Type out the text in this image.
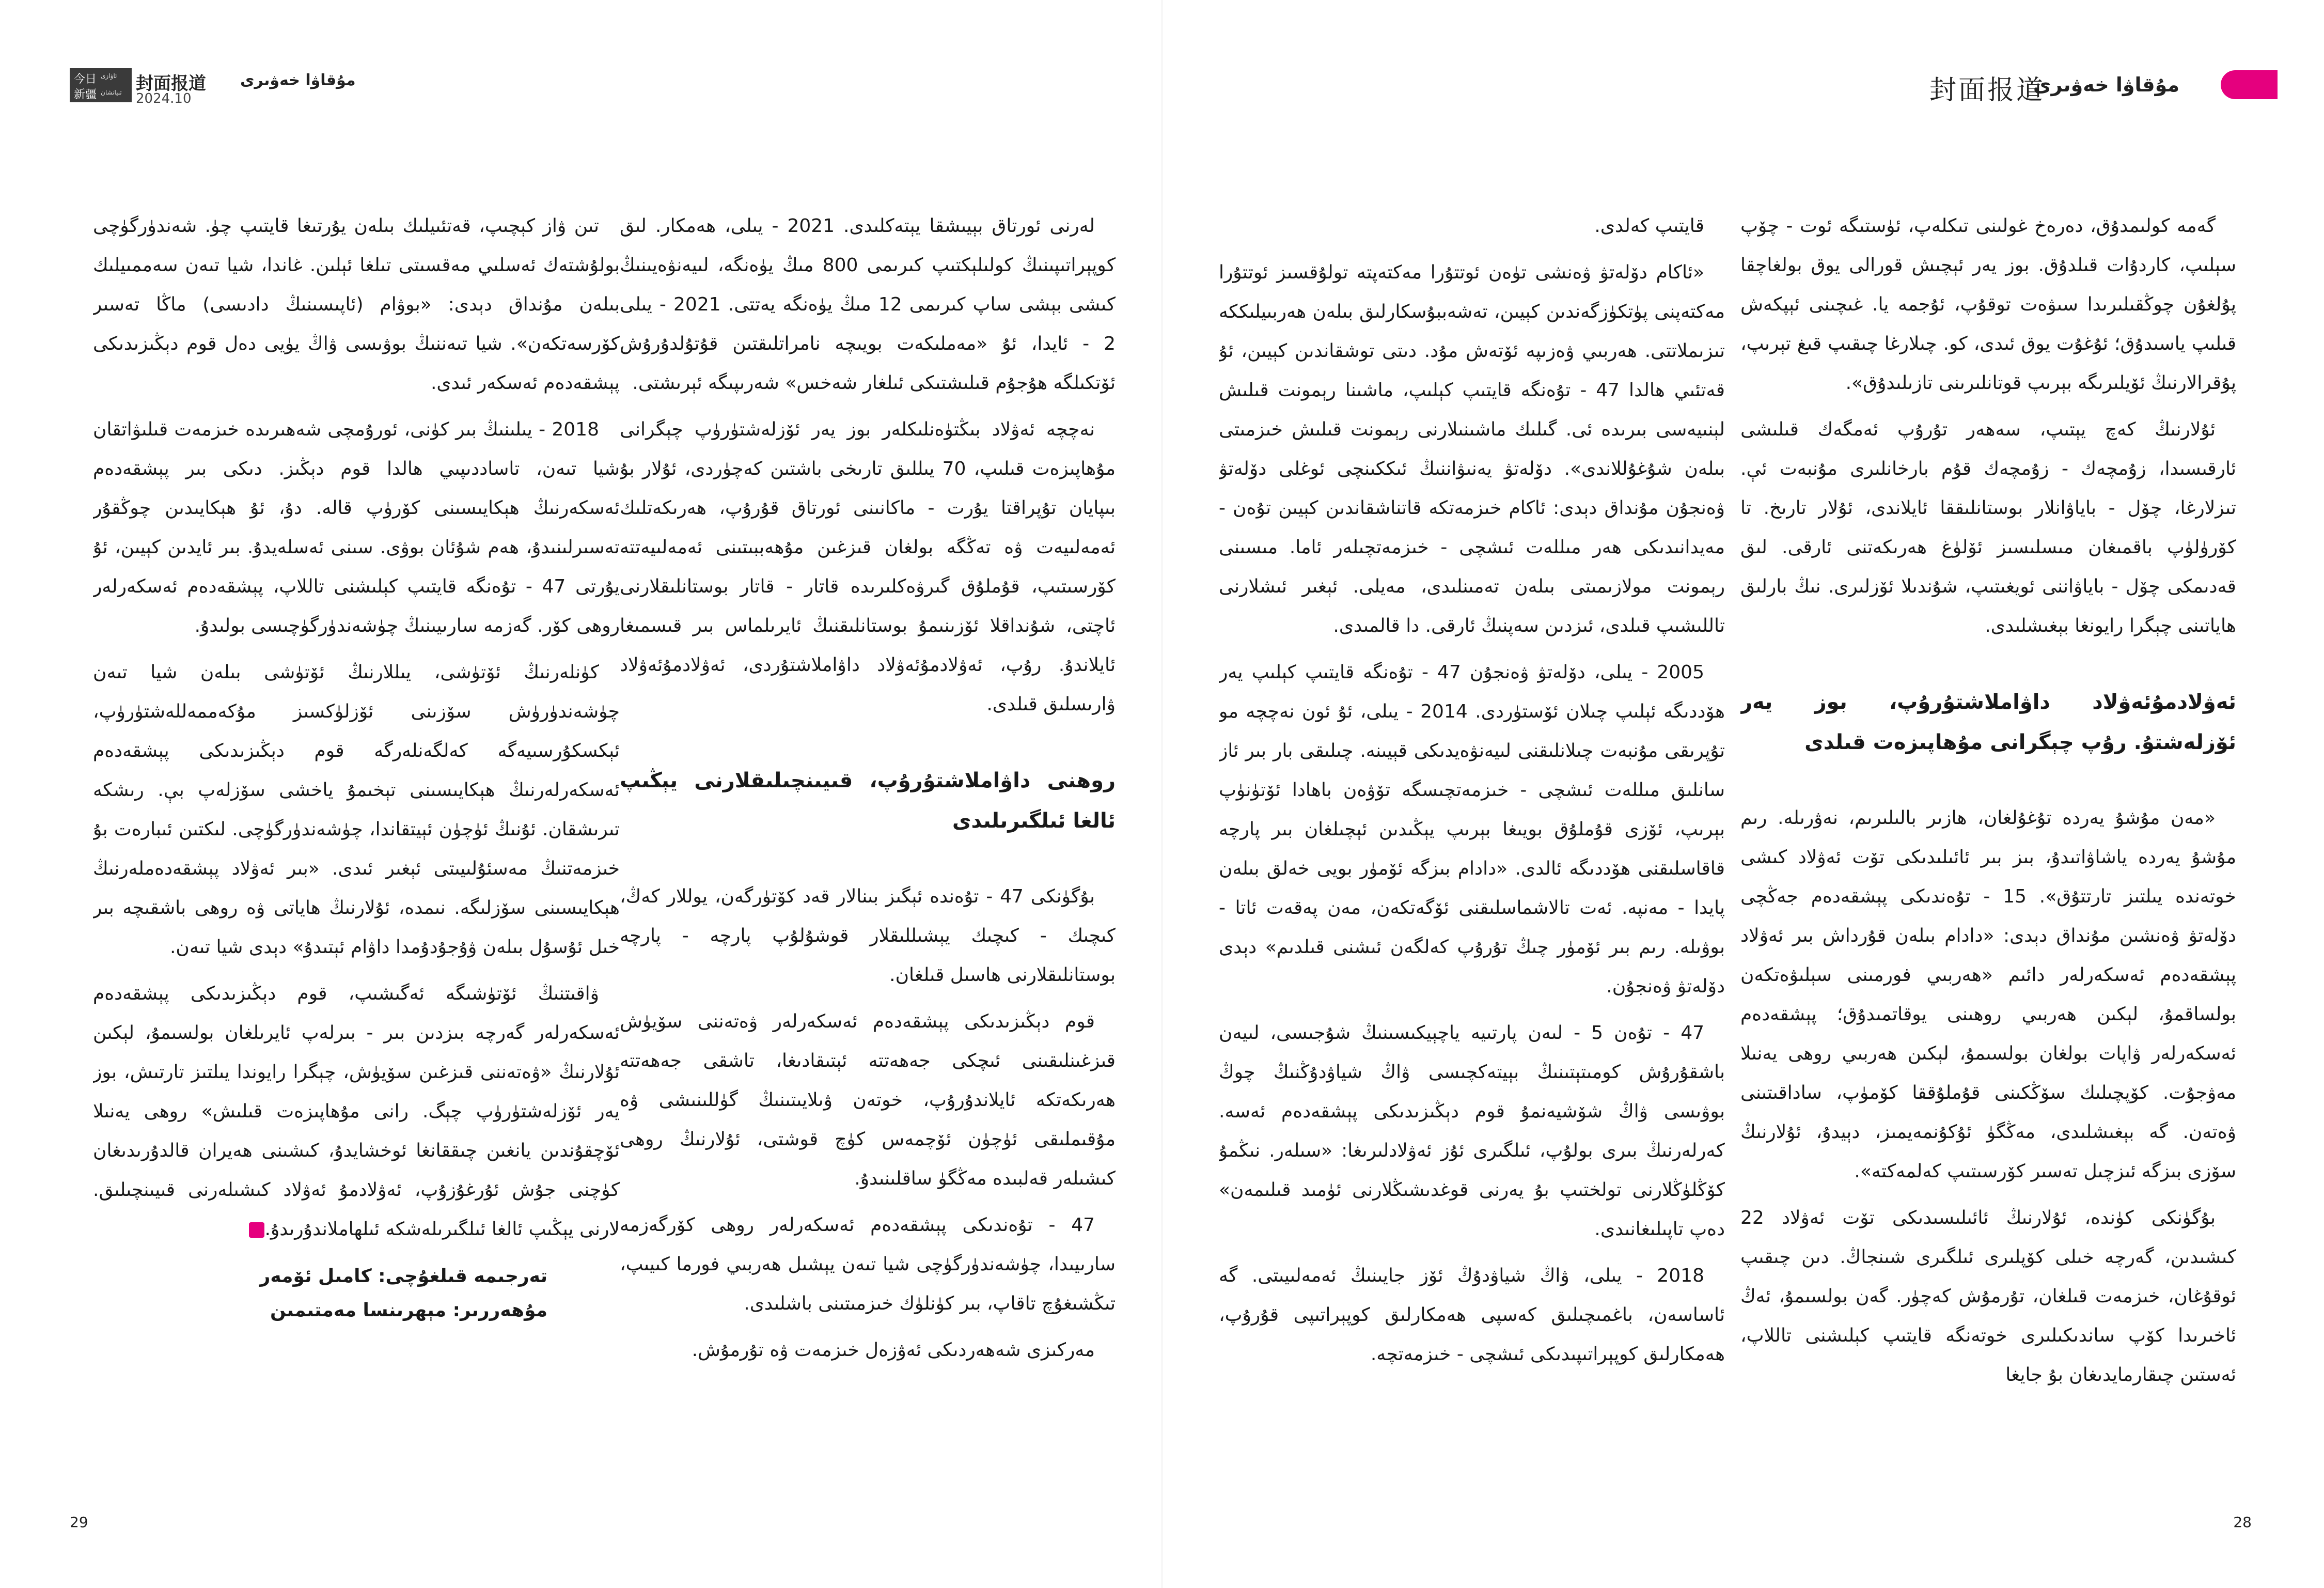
今日
新疆
ئاۋازى
تىيانشان 封面报道 مۇقاۋا خەۋىرى
2024.10	封面报道
مۇقاۋا خەۋىرى

گەمە كولىمدۇق، دەرەخ غولىنى تىكلەپ، ئۈستىگە ئوت - چۆپ سېلىپ، كاردۇات قىلدۇق. بوز يەر ئېچىش قورالى يوق بولغاچقا پۇلغۇن چوڭقىلىرىدا سىۋەت توقۇپ، ئۇجمە يا. غىچىنى ئېپكەش قىلىپ ياسىدۇق؛ ئۇغۇت يوق ئىدى، كو. چىلارغا چىقىپ قىغ تېرىپ، پۇقرالارنىڭ ئۆيلىرىگە بېرىپ قوتانلىرىنى تازىلىدۇق».

ئۇلارنىڭ كەچ يېتىپ، سەھەر تۇرۇپ ئەمگەك قىلىشى ئارقىسىدا، زۇمچەك - زۇمچەك قۇم بارخانلىرى مۇنبەت ئې. تىزلارغا، چۆل - باياۋانلار بوستانلىققا ئايلاندى، ئۇلار تارىخ. تا كۆرۈلۈپ باقمىغان مىسلىسىز ئۆلۈغ ھەرىكەتنى ئارقى. لىق قەدىمكى چۆل - باياۋاننى ئويغىتىپ، شۇندىلا ئۆزلىرى. نىڭ بارلىق ھاياتىنى چېگرا رايونغا بېغىشلىدى.

ئەۋلادمۇئەۋلاد داۋاملاشتۇرۇپ، بوز يەر ئۆزلەشتۇ. رۇپ چېگرانى مۇھاپىزەت قىلدى

«مەن مۇشۇ يەردە تۇغۇلغان، ھازىر بالىلىرىم، نەۋرىلە. رىم مۇشۇ يەردە ياشاۋاتىدۇ، بىز بىر ئائىلىدىكى تۆت ئەۋلاد كىشى خوتەندە يىلتىز تارتتۇق». 15 - تۇەندىكى پېشقەدەم جەڭچى دۆلەتۋ ۋەنشىن مۇنداق دېدى: «دادام بىلەن قۇرداش بىر ئەۋلاد پېشقەدەم ئەسكەرلەر دائىم «ھەربىي فورمىنى سېلىۋەتكەن بولساقمۇ، لېكىن ھەربىي روھىنى يوقاتمىدۇق؛ پېشقەدەم ئەسكەرلەر ۋاپات بولغان بولسىمۇ، لېكىن ھەربىي روھى يەنىلا مەۋجۇت. كۆپچىلىك سۆڭكىنى قۇملۇققا كۆمۈپ، ساداقىتىنى ۋەتەن. گە بېغىشلىدى، مەڭگۈ ئۇكۇنمەيمىز، دېيدۇ، ئۇلارنىڭ سۆزى بىزگە ئىزچىل تەسىر كۆرسىتىپ كەلمەكتە».

بۇگۈنكى كۈندە، ئۇلارنىڭ ئائىلىسىدىكى تۆت ئەۋلاد 22 كىشىدىن، گەرچە خىلى كۆپلىرى ئىلگىرى شىنجاڭ. دىن چىقىپ ئوقۇغان، خىزمەت قىلغان، تۇرمۇش كەچۈر. گەن بولسىمۇ، ئەڭ ئاخىرىدا كۆپ ساندىكىلىرى خوتەنگە قايتىپ كېلىشنى تاللاپ، ئەستىن چىقارمايدىغان بۇ جايغا

قايتىپ كەلدى.

«ئاكام دۆلەتۋ ۋەنشى تۈەن ئوتتۇرا مەكتەپتە تولۇقسىز ئوتتۇرا مەكتەپنى پۈتكۈزگەندىن كېيىن، تەشەببۇسكارلىق بىلەن ھەربىيلىككە تىزىملاتتى. ھەربىي ۋەزىپە ئۆتەش مۇد. دىتى توشقاندىن كېيىن، ئۇ قەتئىي ھالدا 47 - تۇەنگە قايتىپ كېلىپ، ماشىنا رېمونت قىلىش لېنىيەسى بىرىدە ئى. گىلىك ماشىنىلارنى رېمونت قىلىش خىزمىتى بىلەن شۇغۇللاندى». دۆلەتۋ يەنىۋاننىڭ ئىككىنچى ئوغلى دۆلەتۋ ۋەنجۇن مۇنداق دېدى: ئاكام خىزمەتكە قاتناشقاندىن كېيىن تۇەن - مەيدانىدىكى ھەر مىللەت ئىشچى - خىزمەتچىلەر ئاما. مىسىنى رېمونت مولازىمىتى بىلەن تەمىنلىدى، مەيلى. ئېغىر ئىشلارنى تاللىشىپ قىلدى، ئىزدىن سەپنىڭ ئارقى. دا قالمىدى.

2005 - يىلى، دۆلەتۋ ۋەنجۇن 47 - تۇەنگە قايتىپ كېلىپ يەر ھۆددىگە ئېلىپ چىلان ئۆستۈردى. 2014 - يىلى، ئۇ ئون نەچچە مو تۇپرىقى مۇنبەت چىلانلىقنى لىيەنۋەيدىكى قېيىنە. چىلىقى بار بىر ئاز سانلىق مىللەت ئىشچى - خىزمەتچىسگە تۆۋەن باھادا ئۆتۈنۈپ بېرىپ، ئۆزى قۇملۇق بويىغا بېرىپ يېڭىدىن ئېچىلغان بىر پارچە قاقاسلىقنى ھۆددىگە ئالدى. «دادام بىزگە ئۆمۈر بويى خەلق بىلەن پايدا - مەنپە. ئەت تالاشماسلىقنى ئۆگەتكەن، مەن پەقەت ئاتا - بوۋىلە. رىم بىر ئۆمۈر چىڭ تۇرۇپ كەلگەن ئىشنى قىلدىم» دېدى دۆلەتۋ ۋەنجۇن.

47 - تۇەن 5 - لىەن پارتىيە ياچېيكىسىنىڭ شۇجىسى، لىيەن باشقۇرۇش كومىتېتىنىڭ بېيتەكچىسى ۋاڭ شياۋدۇڭنىڭ چوڭ بوۋىسى ۋاڭ شۆشيەنمۇ قوم دېڭىزىدىكى پېشقەدەم ئەسە. كەرلەرنىڭ بىرى بولۇپ، ئىلگىرى ئۇز ئەۋلادلىرىغا: «سىلەر. نىڭمۇ كۆڭلۈڭلارنى تولختىپ بۇ يەرنى قوغدىشىڭلارنى ئۈمىد قىلىمەن» دەپ تاپىلىغانىدى.

2018 - يىلى، ۋاڭ شياۋدۇڭ ئۆز جايىنىڭ ئەمەلىيىتى. گە ئاساسەن، باغمىچىلىق كەسپى ھەمكارلىق كوپېراتىپى قۇرۇپ، ھەمكارلىق كوپېراتىپىدىكى ئىشچى - خىزمەتچە.

لەرنى ئورتاق بېيىشقا يېتەكلىدى. 2021 - يىلى، ھەمكار. لىق كوپېراتىپىنىڭ كولىلېكتىپ كىرىمى 800 مىڭ يۈەنگە، لىيەنۋەيىنىڭ كىشى بېشى ساپ كىرىمى 12 مىڭ يۈەنگە يەتتى. 2021 - يىلى 2 - ئايدا، ئۇ «مەملىكەت بويىچە نامراتلىقتىن قۇتۇلدۇرۇش ئۆتكىلگە ھۇجۇم قىلىشتىكى ئىلغار شەخس» شەرىپىگە ئېرىشتى.

نەچچە ئەۋلاد بىڭتۈەنلىكلەر بوز يەر ئۆزلەشتۈرۈپ چېگرانى مۇھاپىزەت قىلىپ، 70 يىللىق تارىخى باشتىن كەچۈردى، ئۇلار بۇ بىپايان تۇپراقتا يۇرت - ماكانىنى ئورتاق قۇرۇپ، ھەرىكەتلىك ئەمەلىيەت ۋە تەڭگە بولغان قىزغىن مۇھەببىتىنى ئەمەلىيەتتە كۆرسىتىپ، قۇملۇق گىرۋەكلىرىدە قاتار - قاتار بوستانلىقلارنى ئاچتى، شۇنداقلا ئۆزىنىمۇ بوستانلىقنىڭ ئايرىلماس بىر قىسمىغا ئايلاندۇ. رۇپ، ئەۋلادمۇئەۋلاد داۋاملاشتۇردى، ئەۋلادمۇئەۋلاد ۋارىسلىق قىلدى.

روھنى داۋاملاشتۇرۇپ، قىيىنچىلىقلارنى يېڭىپ ئالغا ئىلگىرىلىدى

بۇگۈنكى 47 - تۇەندە ئېگىز بىنالار قەد كۆتۈرگەن، يوللار كەڭ، كىچىك - كىچىك يېشىللىقلار قوشۇلۇپ پارچە - پارچە بوستانلىقلارنى ھاسىل قىلغان.

قوم دېڭىزىدىكى پېشقەدەم ئەسكەرلەر ۋەتەننى سۆيۈش قىزغىنلىقىنى ئىچكى جەھەتتە ئېتىقادىغا، تاشقى جەھەتتە ھەرىكەتكە ئايلاندۇرۇپ، خوتەن ۋىلايىتىنىڭ گۈللىنىشى ۋە مۇقىملىقى ئۈچۈن ئۆچمەس كۈچ قوشتى، ئۇلارنىڭ روھى كىشىلەر قەلبىدە مەڭگۈ ساقلىنىدۇ.

47 - تۇەندىكى پېشقەدەم ئەسكەرلەر روھى كۆرگەزمە سارىيىدا، چۈشەندۈرگۈچى شيا تىەن يېشىل ھەربىي فورما كىيىپ، تىڭشىغۇچ تاقاپ، بىر كۈنلۈك خىزمىتىنى باشلىدى.

مەركىزى شەھەردىكى ئەۋزەل خىزمەت ۋە تۇرمۇش.

تىن ۋاز كېچىپ، قەتئىيلىك بىلەن يۇرتىغا قايتىپ چۈ. شەندۈرگۈچى بولۇشتەك ئەسلىي مەقسىتى تىلغا ئېلىن. غاندا، شيا تىەن سەممىيلىك بىلەن مۇنداق دېدى: «بوۋام (ئاپىسىنىڭ دادىسى) ماڭا تەسىر كۆرسەتكەن». شيا تىەننىڭ بوۋىسى ۋاڭ يۈيى دەل قوم دېڭىزىدىكى پېشقەدەم ئەسكەر ئىدى.

2018 - يىلىنىڭ بىر كۈنى، ئورۇمچى شەھىرىدە خىزمەت قىلىۋاتقان شيا تىەن، تاساددىپىي ھالدا قوم دېڭىز. دىكى بىر پېشقەدەم ئەسكەرنىڭ ھېكايىسىنى كۆرۈپ قالە. دۇ، ئۇ ھېكايىدىن چوڭقۇر تەسىرلىنىدۇ، ھەم شۇئان بوۋى. سىنى ئەسلەيدۇ. بىر ئايدىن كېيىن، ئۇ يۇرتى 47 - تۇەنگە قايتىپ كېلىشنى تاللاپ، پېشقەدەم ئەسكەرلەر روھى كۆر. گەزمە سارىيىنىڭ چۈشەندۈرگۈچىسى بولىدۇ.

كۈنلەرنىڭ ئۆتۈشى، يىللارنىڭ ئۆتۈشى بىلەن شيا تىەن چۈشەندۈرۈش سۆزىنى ئۆزلۈكسىز مۇكەممەللەشتۈرۈپ، ئېكسكۇرسىيەگە كەلگەنلەرگە قوم دېڭىزىدىكى پېشقەدەم ئەسكەرلەرنىڭ ھېكايىسىنى تېخىمۇ ياخشى سۆزلەپ بې. رىشكە تىرىشقان. ئۇنىڭ ئۈچۈن ئېيتقاندا، چۈشەندۈرگۈچى. لىكتىن ئىبارەت بۇ خىزمەتنىڭ مەسئۇلىيىتى ئېغىر ئىدى. «بىر ئەۋلاد پېشقەدەملەرنىڭ ھېكايىسىنى سۆزلىگە. نىمدە، ئۇلارنىڭ ھاياتى ۋە روھى باشقىچە بىر خىل ئۇسۇل بىلەن ۋۇجۇدۇمدا داۋام ئېتىدۇ» دېدى شيا تىەن.

ۋاقىتنىڭ ئۆتۈشىگە ئەگىشىپ، قوم دېڭىزىدىكى پېشقەدەم ئەسكەرلەر گەرچە بىزدىن بىر - بىرلەپ ئايرىلغان بولسىمۇ، لېكىن ئۇلارنىڭ «ۋەتەننى قىزغىن سۆيۈش، چېگرا رايوندا يىلتىز تارتىش، بوز يەر ئۆزلەشتۈرۈپ چېگ. رانى مۇھاپىزەت قىلىش» روھى يەنىلا ئۆچقۇندىن يانغىن چىققانغا ئوخشايدۇ، كىشىنى ھەيران قالدۇرىدىغان كۈچنى جۇش ئۇرغۇزۇپ، ئەۋلادمۇ ئەۋلاد كىشىلەرنى قىيىنچىلىق. لارنى يېڭىپ ئالغا ئىلگىرىلەشكە ئىلھاملاندۇرىدۇ.J

تەرجىمە قىلغۇچى: كامىل ئۆمەر
مۇھەررىر: مېھرىنسا مەمتىمىن
29	28
